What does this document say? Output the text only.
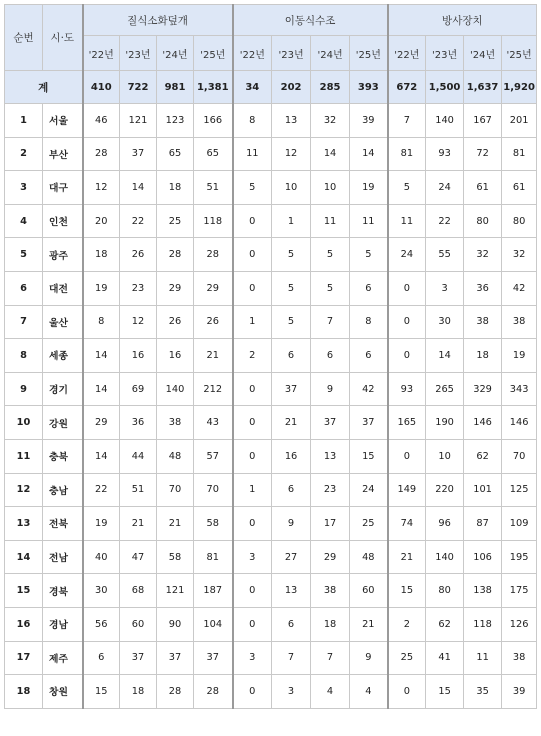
순번	시·도	질식소화덮개				이동식수조				방사장치			
		'22년	'23년	'24년	'25년	'22년	'23년	'24년	'25년	'22년	'23년	'24년	'25년
계		410	722	981	1,381	34	202	285	393	672	1,500	1,637	1,920
1	서울	46	121	123	166	8	13	32	39	7	140	167	201
2	부산	28	37	65	65	11	12	14	14	81	93	72	81
3	대구	12	14	18	51	5	10	10	19	5	24	61	61
4	인천	20	22	25	118	0	1	11	11	11	22	80	80
5	광주	18	26	28	28	0	5	5	5	24	55	32	32
6	대전	19	23	29	29	0	5	5	6	0	3	36	42
7	울산	8	12	26	26	1	5	7	8	0	30	38	38
8	세종	14	16	16	21	2	6	6	6	0	14	18	19
9	경기	14	69	140	212	0	37	9	42	93	265	329	343
10	강원	29	36	38	43	0	21	37	37	165	190	146	146
11	충북	14	44	48	57	0	16	13	15	0	10	62	70
12	충남	22	51	70	70	1	6	23	24	149	220	101	125
13	전북	19	21	21	58	0	9	17	25	74	96	87	109
14	전남	40	47	58	81	3	27	29	48	21	140	106	195
15	경북	30	68	121	187	0	13	38	60	15	80	138	175
16	경남	56	60	90	104	0	6	18	21	2	62	118	126
17	제주	6	37	37	37	3	7	7	9	25	41	11	38
18	창원	15	18	28	28	0	3	4	4	0	15	35	39
